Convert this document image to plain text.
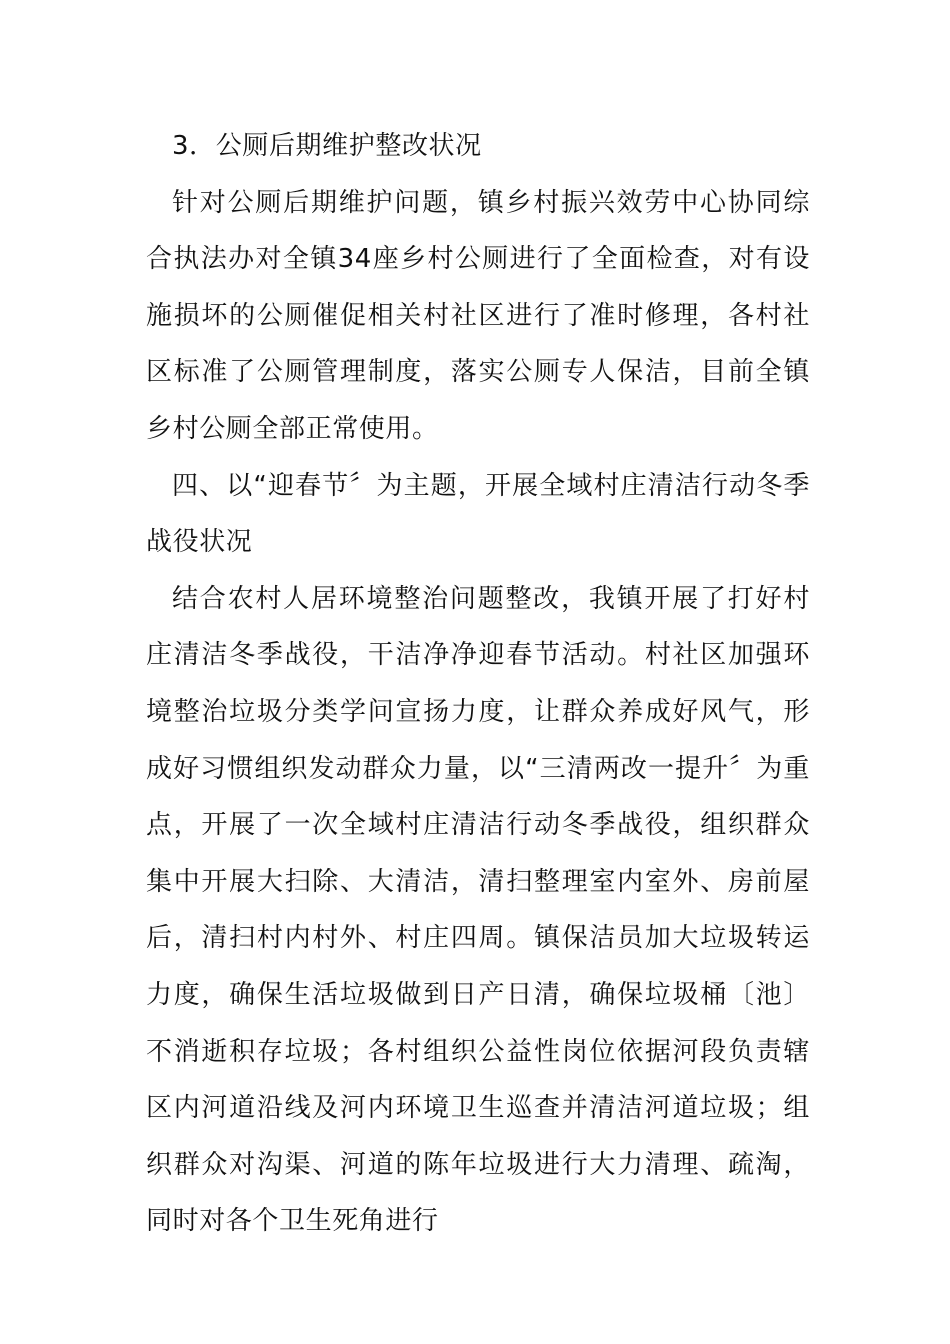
3．公厕后期维护整改状况

针对公厕后期维护问题，镇乡村振兴效劳中心协同综合执法办对全镇34座乡村公厕进行了全面检查，对有设施损坏的公厕催促相关村社区进行了准时修理，各村社区标准了公厕管理制度，落实公厕专人保洁，目前全镇乡村公厕全部正常使用。

四、以“迎春节〞为主题，开展全域村庄清洁行动冬季战役状况

结合农村人居环境整治问题整改，我镇开展了打好村庄清洁冬季战役，干洁净净迎春节活动。村社区加强环境整治垃圾分类学问宣扬力度，让群众养成好风气，形成好习惯组织发动群众力量，以“三清两改一提升〞为重点，开展了一次全域村庄清洁行动冬季战役，组织群众集中开展大扫除、大清洁，清扫整理室内室外、房前屋后，清扫村内村外、村庄四周。镇保洁员加大垃圾转运力度，确保生活垃圾做到日产日清，确保垃圾桶〔池〕不消逝积存垃圾；各村组织公益性岗位依据河段负责辖区内河道沿线及河内环境卫生巡查并清洁河道垃圾；组织群众对沟渠、河道的陈年垃圾进行大力清理、疏淘，同时对各个卫生死角进行
